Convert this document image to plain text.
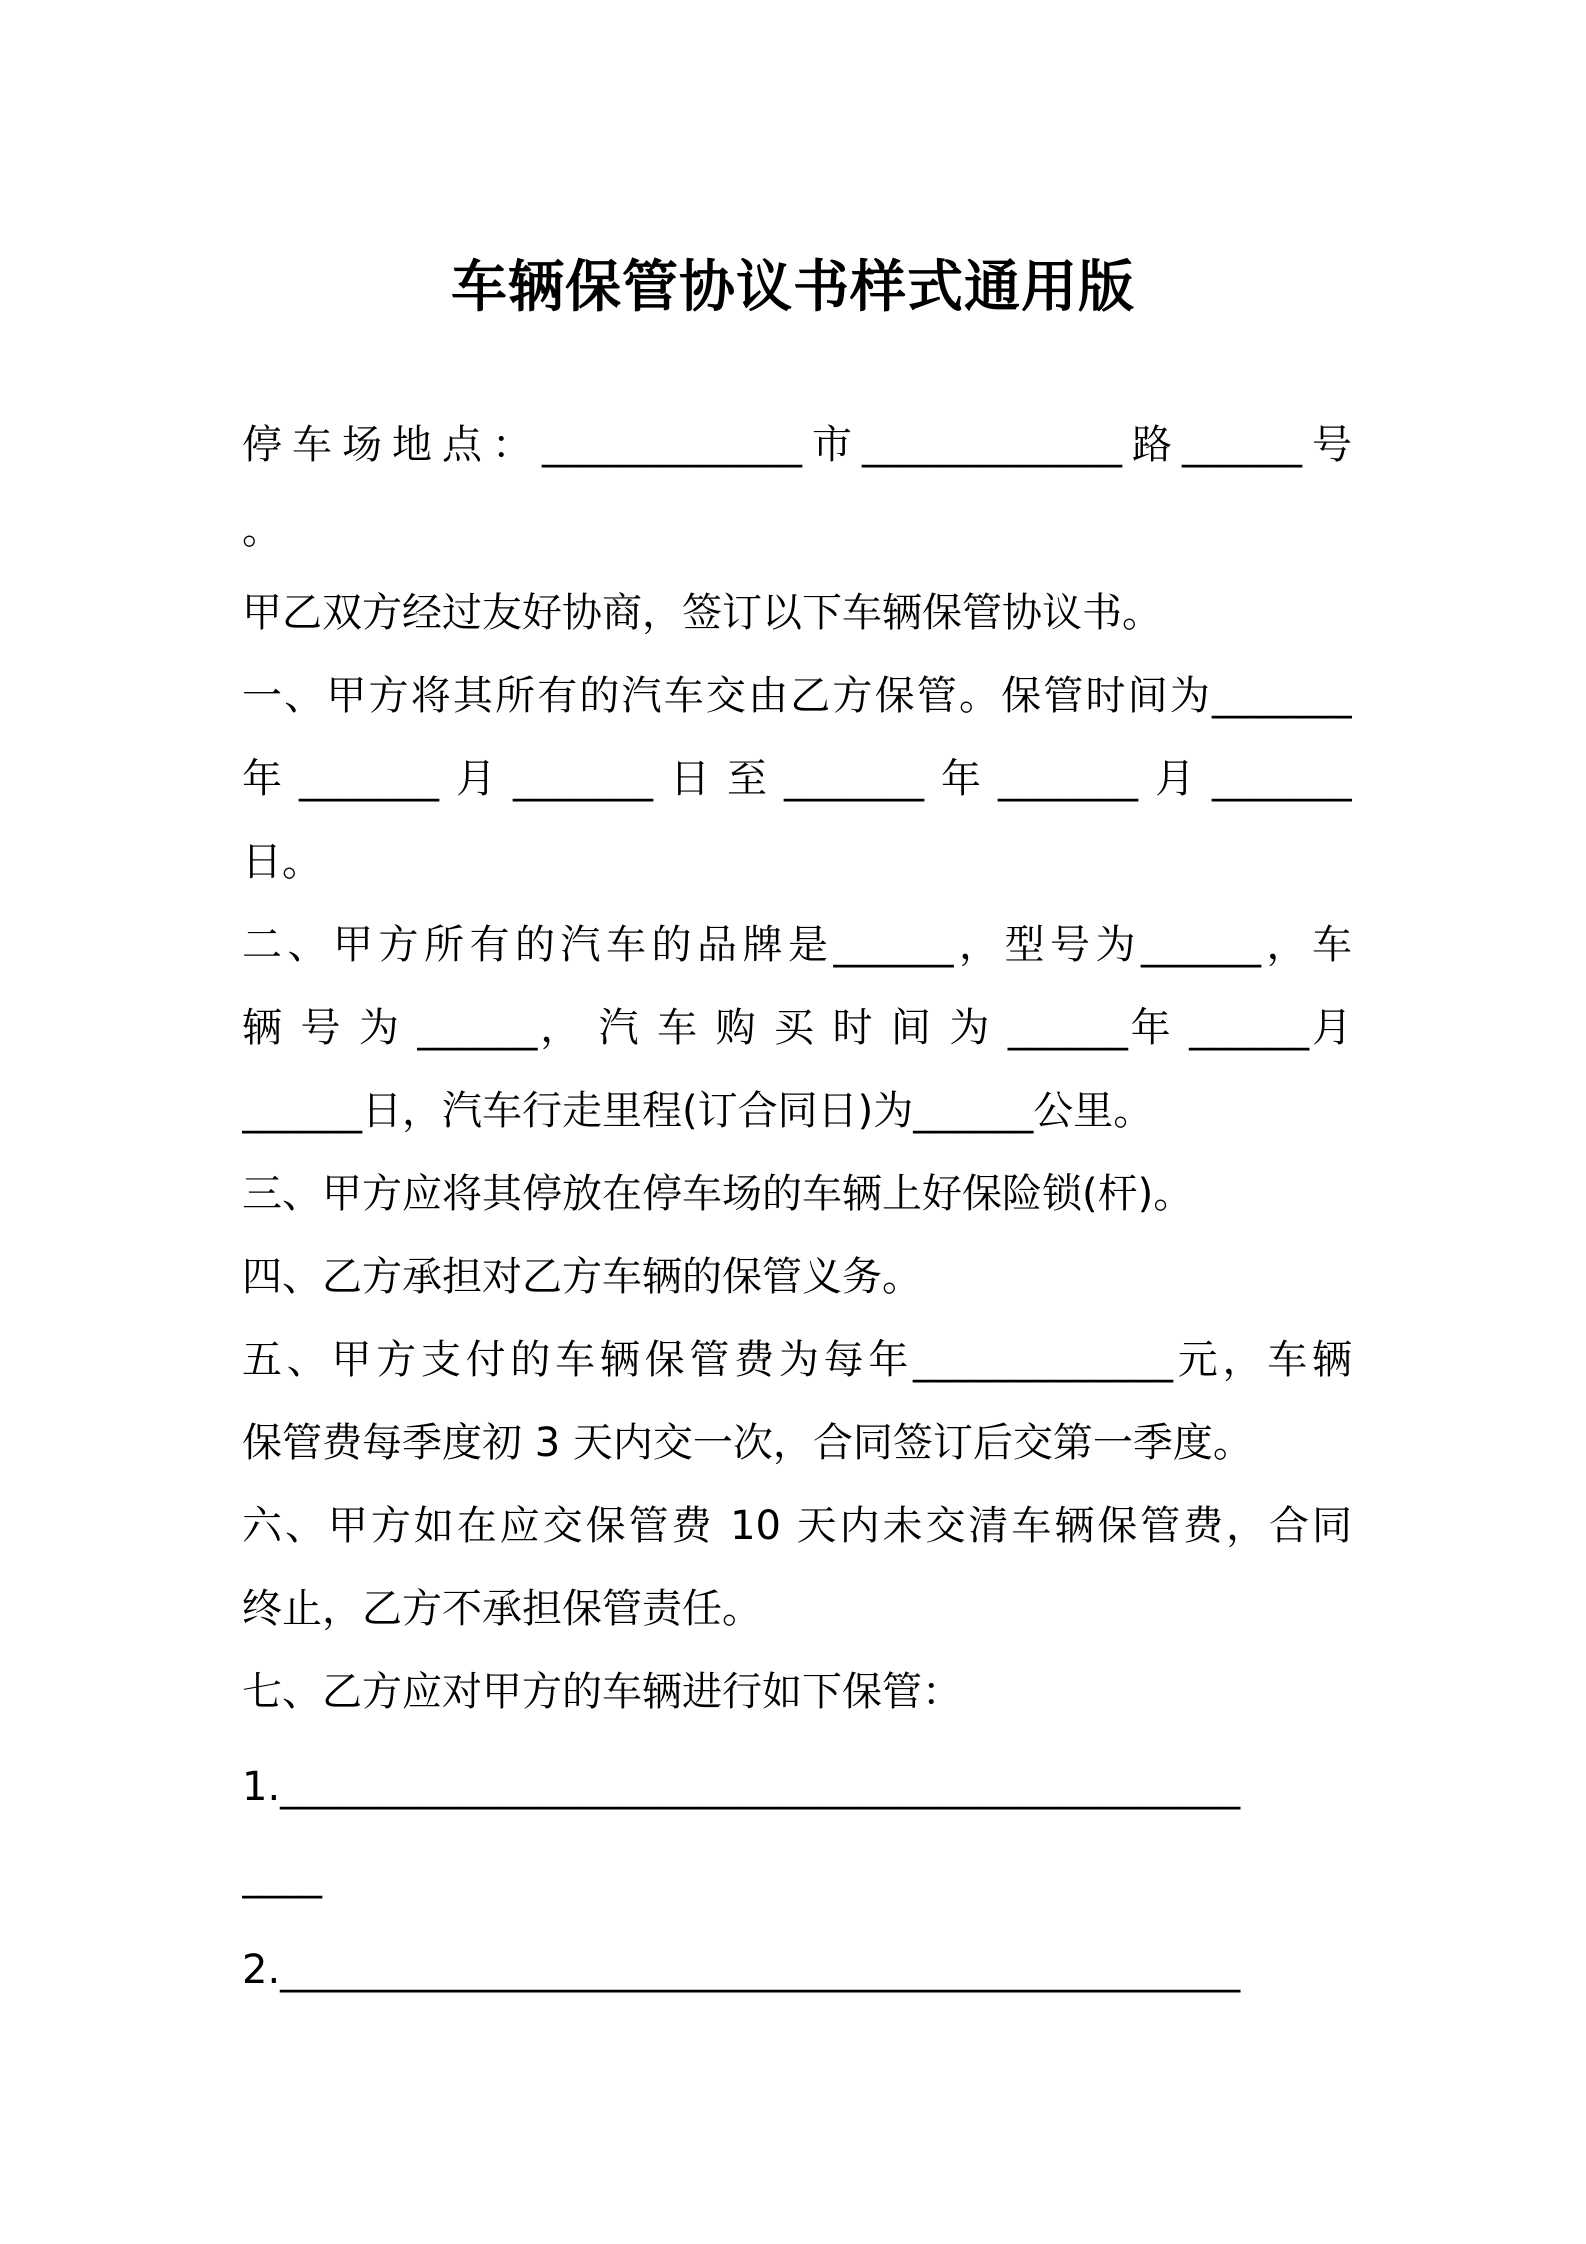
车辆保管协议书样式通用版
停车场地点：_____________市_____________路______号
。
甲乙双方经过友好协商，签订以下车辆保管协议书。
一、甲方将其所有的汽车交由乙方保管。保管时间为_______
年_______月_______日至_______年_______月_______
日。
二、甲方所有的汽车的品牌是______，型号为______，车
辆 号 为 ______， 汽 车 购 买 时 间 为 ______年 ______月
______日，汽车行走里程(订合同日)为______公里。
三、甲方应将其停放在停车场的车辆上好保险锁(杆)。
四、乙方承担对乙方车辆的保管义务。
五、甲方支付的车辆保管费为每年_____________元，车辆
保管费每季度初 3 天内交一次，合同签订后交第一季度。
六、甲方如在应交保管费 10 天内未交清车辆保管费，合同
终止，乙方不承担保管责任。
七、乙方应对甲方的车辆进行如下保管：
1.________________________________________________
____
2.________________________________________________
